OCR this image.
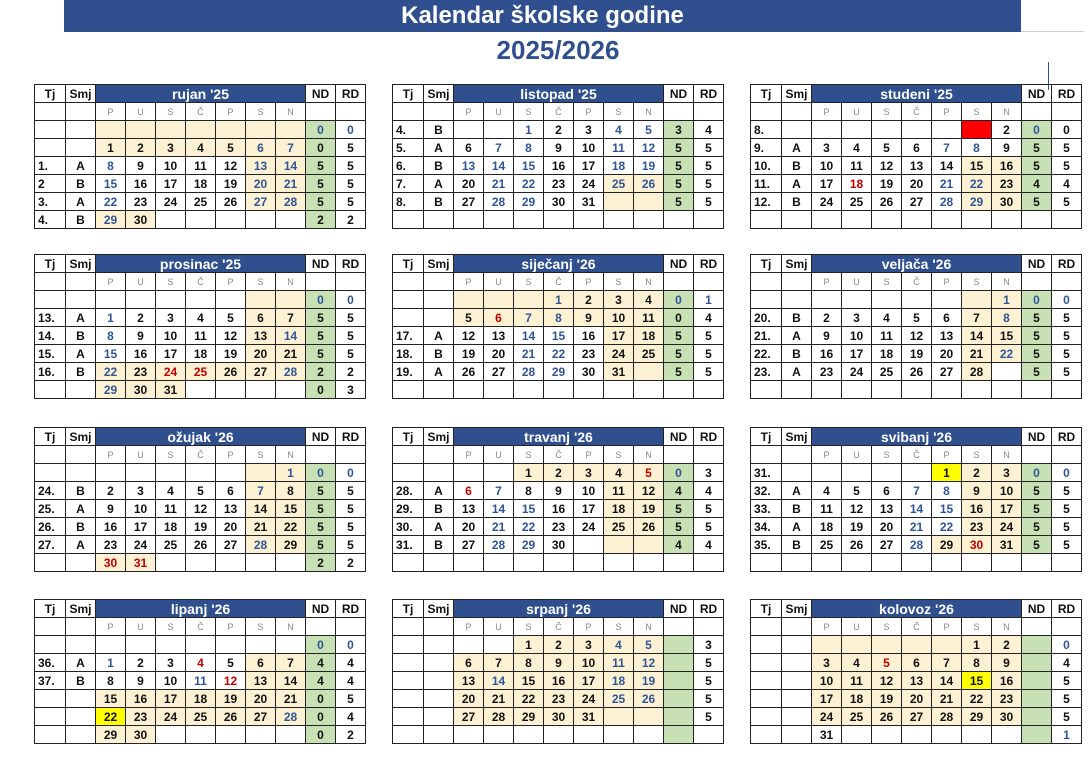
Kalendar školske godine
2025/2026
Tj	Smj	rujan '25							ND	RD
		P	U	S	Č	P	S	N		
									0	0
		1	2	3	4	5	6	7	0	5
1.	A	8	9	10	11	12	13	14	5	5
2	B	15	16	17	18	19	20	21	5	5
3.	A	22	23	24	25	26	27	28	5	5
4.	B	29	30						2	2
Tj	Smj	listopad '25							ND	RD
		P	U	S	Č	P	S	N		
4.	B			1	2	3	4	5	3	4
5.	A	6	7	8	9	10	11	12	5	5
6.	B	13	14	15	16	17	18	19	5	5
7.	A	20	21	22	23	24	25	26	5	5
8.	B	27	28	29	30	31			5	5

Tj	Smj	studeni '25							ND	RD
		P	U	S	Č	P	S	N		
8.							1	2	0	0
9.	A	3	4	5	6	7	8	9	5	5
10.	B	10	11	12	13	14	15	16	5	5
11.	A	17	18	19	20	21	22	23	4	4
12.	B	24	25	26	27	28	29	30	5	5

Tj	Smj	prosinac '25							ND	RD
		P	U	S	Č	P	S	N		
									0	0
13.	A	1	2	3	4	5	6	7	5	5
14.	B	8	9	10	11	12	13	14	5	5
15.	A	15	16	17	18	19	20	21	5	5
16.	B	22	23	24	25	26	27	28	2	2
		29	30	31					0	3
Tj	Smj	siječanj '26							ND	RD
		P	U	S	Č	P	S	N		
					1	2	3	4	0	1
		5	6	7	8	9	10	11	0	4
17.	A	12	13	14	15	16	17	18	5	5
18.	B	19	20	21	22	23	24	25	5	5
19.	A	26	27	28	29	30	31		5	5

Tj	Smj	veljača '26							ND	RD
		P	U	S	Č	P	S	N		
								1	0	0
20.	B	2	3	4	5	6	7	8	5	5
21.	A	9	10	11	12	13	14	15	5	5
22.	B	16	17	18	19	20	21	22	5	5
23.	A	23	24	25	26	27	28		5	5

Tj	Smj	ožujak '26							ND	RD
		P	U	S	Č	P	S	N		
								1	0	0
24.	B	2	3	4	5	6	7	8	5	5
25.	A	9	10	11	12	13	14	15	5	5
26.	B	16	17	18	19	20	21	22	5	5
27.	A	23	24	25	26	27	28	29	5	5
		30	31						2	2
Tj	Smj	travanj '26							ND	RD
		P	U	S	Č	P	S	N		
				1	2	3	4	5	0	3
28.	A	6	7	8	9	10	11	12	4	4
29.	B	13	14	15	16	17	18	19	5	5
30.	A	20	21	22	23	24	25	26	5	5
31.	B	27	28	29	30				4	4

Tj	Smj	svibanj '26							ND	RD
		P	U	S	Č	P	S	N		
31.						1	2	3	0	0
32.	A	4	5	6	7	8	9	10	5	5
33.	B	11	12	13	14	15	16	17	5	5
34.	A	18	19	20	21	22	23	24	5	5
35.	B	25	26	27	28	29	30	31	5	5

Tj	Smj	lipanj '26							ND	RD
		P	U	S	Č	P	S	N		
									0	0
36.	A	1	2	3	4	5	6	7	4	4
37.	B	8	9	10	11	12	13	14	4	4
		15	16	17	18	19	20	21	0	5
		22	23	24	25	26	27	28	0	4
		29	30						0	2
Tj	Smj	srpanj '26							ND	RD
		P	U	S	Č	P	S	N		
				1	2	3	4	5		3
		6	7	8	9	10	11	12		5
		13	14	15	16	17	18	19		5
		20	21	22	23	24	25	26		5
		27	28	29	30	31				5

Tj	Smj	kolovoz '26							ND	RD
		P	U	S	Č	P	S	N		
							1	2		0
		3	4	5	6	7	8	9		4
		10	11	12	13	14	15	16		5
		17	18	19	20	21	22	23		5
		24	25	26	27	28	29	30		5
		31								1
